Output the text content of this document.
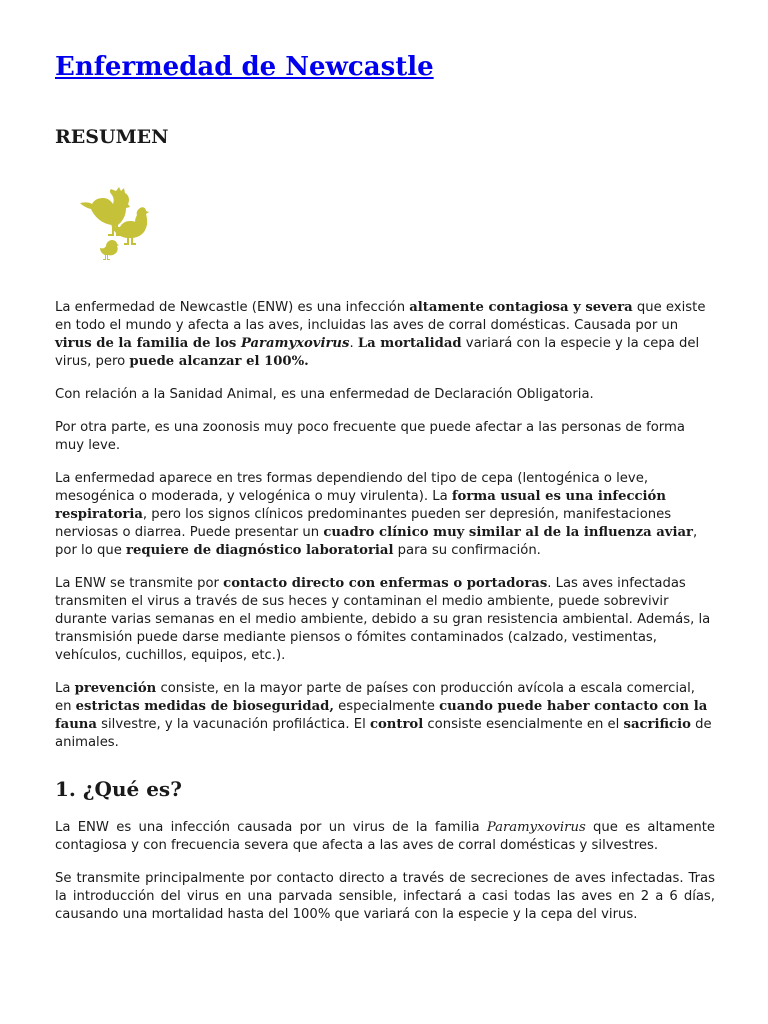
Enfermedad de Newcastle
RESUMEN

La enfermedad de Newcastle (ENW) es una infección altamente contagiosa y severa que existe en todo el mundo y afecta a las aves, incluidas las aves de corral domésticas. Causada por un virus de la familia de los Paramyxovirus. La mortalidad variará con la especie y la cepa del virus, pero puede alcanzar el 100%.

Con relación a la Sanidad Animal, es una enfermedad de Declaración Obligatoria.

Por otra parte, es una zoonosis muy poco frecuente que puede afectar a las personas de forma muy leve.

La enfermedad aparece en tres formas dependiendo del tipo de cepa (lentogénica o leve, mesogénica o moderada, y velogénica o muy virulenta). La forma usual es una infección respiratoria, pero los signos clínicos predominantes pueden ser depresión, manifestaciones nerviosas o diarrea. Puede presentar un cuadro clínico muy similar al de la influenza aviar, por lo que requiere de diagnóstico laboratorial para su confirmación.

La ENW se transmite por contacto directo con enfermas o portadoras. Las aves infectadas transmiten el virus a través de sus heces y contaminan el medio ambiente, puede sobrevivir durante varias semanas en el medio ambiente, debido a su gran resistencia ambiental. Además, la transmisión puede darse mediante piensos o fómites contaminados (calzado, vestimentas, vehículos, cuchillos, equipos, etc.).

La prevención consiste, en la mayor parte de países con producción avícola a escala comercial, en estrictas medidas de bioseguridad, especialmente cuando puede haber contacto con la fauna silvestre, y la vacunación profiláctica. El control consiste esencialmente en el sacrificio de animales.

1. ¿Qué es?

La ENW es una infección causada por un virus de la familia Paramyxovirus que es altamente contagiosa y con frecuencia severa que afecta a las aves de corral domésticas y silvestres.

Se transmite principalmente por contacto directo a través de secreciones de aves infectadas. Tras la introducción del virus en una parvada sensible, infectará a casi todas las aves en 2 a 6 días, causando una mortalidad hasta del 100% que variará con la especie y la cepa del virus.
